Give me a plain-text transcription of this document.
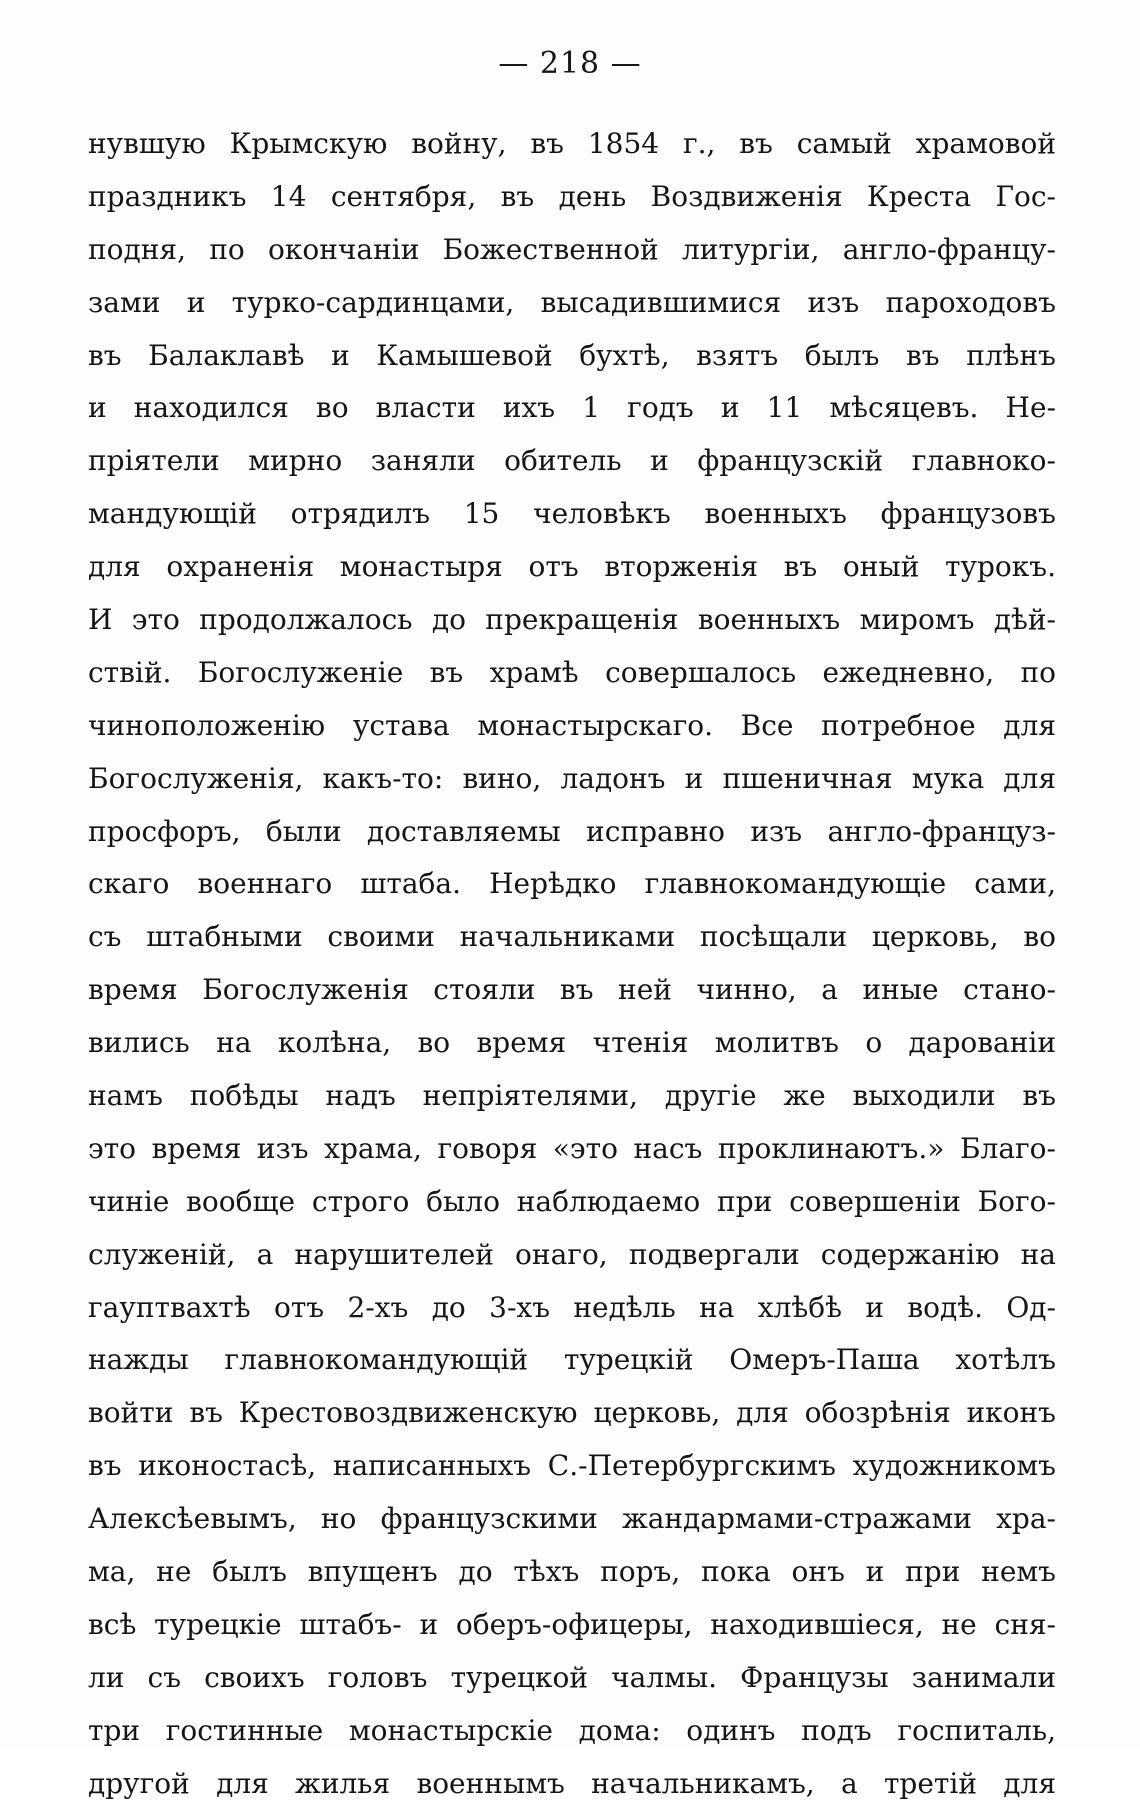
— 218 —

нувшую Крымскую войну, въ 1854 г., въ самый храмовой

праздникъ 14 сентября, въ день Воздвиженія Креста Гос-

подня, по окончаніи Божественной литургіи, англо-францу-

зами и турко-сардинцами, высадившимися изъ пароходовъ

въ Балаклавѣ и Камышевой бухтѣ, взятъ былъ въ плѣнъ

и находился во власти ихъ 1 годъ и 11 мѣсяцевъ. Не-

пріятели мирно заняли обитель и французскій главноко-

мандующій отрядилъ 15 человѣкъ военныхъ французовъ

для охраненія монастыря отъ вторженія въ оный турокъ.

И это продолжалось до прекращенія военныхъ миромъ дѣй-

ствій. Богослуженіе въ храмѣ совершалось ежедневно, по

чиноположенію устава монастырскаго. Все потребное для

Богослуженія, какъ-то: вино, ладонъ и пшеничная мука для

просфоръ, были доставляемы исправно изъ англо-француз-

скаго военнаго штаба. Нерѣдко главнокомандующіе сами,

съ штабными своими начальниками посѣщали церковь, во

время Богослуженія стояли въ ней чинно, а иные стано-

вились на колѣна, во время чтенія молитвъ о дарованіи

намъ побѣды надъ непріятелями, другіе же выходили въ

это время изъ храма, говоря «это насъ проклинаютъ.» Благо-

чиніе вообще строго было наблюдаемо при совершеніи Бого-

служеній, а нарушителей онаго, подвергали содержанію на

гауптвахтѣ отъ 2-хъ до 3-хъ недѣль на хлѣбѣ и водѣ. Од-

нажды главнокомандующій турецкій Омеръ-Паша хотѣлъ

войти въ Крестовоздвиженскую церковь, для обозрѣнія иконъ

въ иконостасѣ, написанныхъ С.-Петербургскимъ художникомъ

Алексѣевымъ, но французскими жандармами-стражами хра-

ма, не былъ впущенъ до тѣхъ поръ, пока онъ и при немъ

всѣ турецкіе штабъ- и оберъ-офицеры, находившіеся, не сня-

ли съ своихъ головъ турецкой чалмы. Французы занимали

три гостинные монастырскіе дома: одинъ подъ госпиталь,

другой для жилья военнымъ начальникамъ, а третій для
